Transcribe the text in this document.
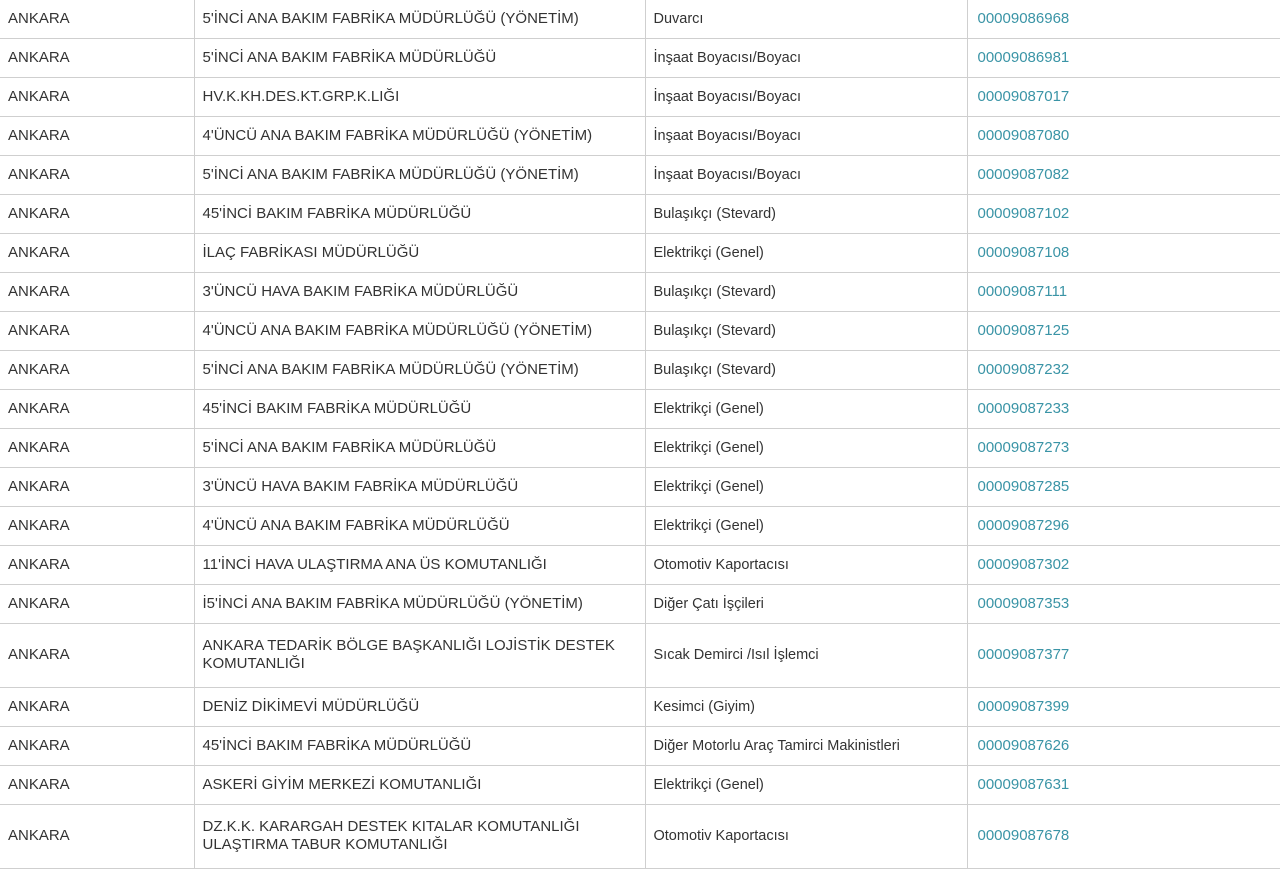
ANKARA	5'İNCİ ANA BAKIM FABRİKA MÜDÜRLÜĞÜ (YÖNETİM)	Duvarcı	00009086968
ANKARA	5'İNCİ ANA BAKIM FABRİKA MÜDÜRLÜĞÜ	İnşaat Boyacısı/Boyacı	00009086981
ANKARA	HV.K.KH.DES.KT.GRP.K.LIĞI	İnşaat Boyacısı/Boyacı	00009087017
ANKARA	4'ÜNCÜ ANA BAKIM FABRİKA MÜDÜRLÜĞÜ (YÖNETİM)	İnşaat Boyacısı/Boyacı	00009087080
ANKARA	5'İNCİ ANA BAKIM FABRİKA MÜDÜRLÜĞÜ (YÖNETİM)	İnşaat Boyacısı/Boyacı	00009087082
ANKARA	45'İNCİ BAKIM FABRİKA MÜDÜRLÜĞÜ	Bulaşıkçı (Stevard)	00009087102
ANKARA	İLAÇ FABRİKASI MÜDÜRLÜĞÜ	Elektrikçi (Genel)	00009087108
ANKARA	3'ÜNCÜ HAVA BAKIM FABRİKA MÜDÜRLÜĞÜ	Bulaşıkçı (Stevard)	00009087111
ANKARA	4'ÜNCÜ ANA BAKIM FABRİKA MÜDÜRLÜĞÜ (YÖNETİM)	Bulaşıkçı (Stevard)	00009087125
ANKARA	5'İNCİ ANA BAKIM FABRİKA MÜDÜRLÜĞÜ (YÖNETİM)	Bulaşıkçı (Stevard)	00009087232
ANKARA	45'İNCİ BAKIM FABRİKA MÜDÜRLÜĞÜ	Elektrikçi (Genel)	00009087233
ANKARA	5'İNCİ ANA BAKIM FABRİKA MÜDÜRLÜĞÜ	Elektrikçi (Genel)	00009087273
ANKARA	3'ÜNCÜ HAVA BAKIM FABRİKA MÜDÜRLÜĞÜ	Elektrikçi (Genel)	00009087285
ANKARA	4'ÜNCÜ ANA BAKIM FABRİKA MÜDÜRLÜĞÜ	Elektrikçi (Genel)	00009087296
ANKARA	11'İNCİ HAVA ULAŞTIRMA ANA ÜS KOMUTANLIĞI	Otomotiv Kaportacısı	00009087302
ANKARA	İ5'İNCİ ANA BAKIM FABRİKA MÜDÜRLÜĞÜ (YÖNETİM)	Diğer Çatı İşçileri	00009087353
ANKARA	ANKARA TEDARİK BÖLGE BAŞKANLIĞI LOJİSTİK DESTEK KOMUTANLIĞI	Sıcak Demirci /Isıl İşlemci	00009087377
ANKARA	DENİZ DİKİMEVİ MÜDÜRLÜĞÜ	Kesimci (Giyim)	00009087399
ANKARA	45'İNCİ BAKIM FABRİKA MÜDÜRLÜĞÜ	Diğer Motorlu Araç Tamirci Makinistleri	00009087626
ANKARA	ASKERİ GİYİM MERKEZİ KOMUTANLIĞI	Elektrikçi (Genel)	00009087631
ANKARA	DZ.K.K. KARARGAH DESTEK KITALAR KOMUTANLIĞI ULAŞTIRMA TABUR KOMUTANLIĞI	Otomotiv Kaportacısı	00009087678
